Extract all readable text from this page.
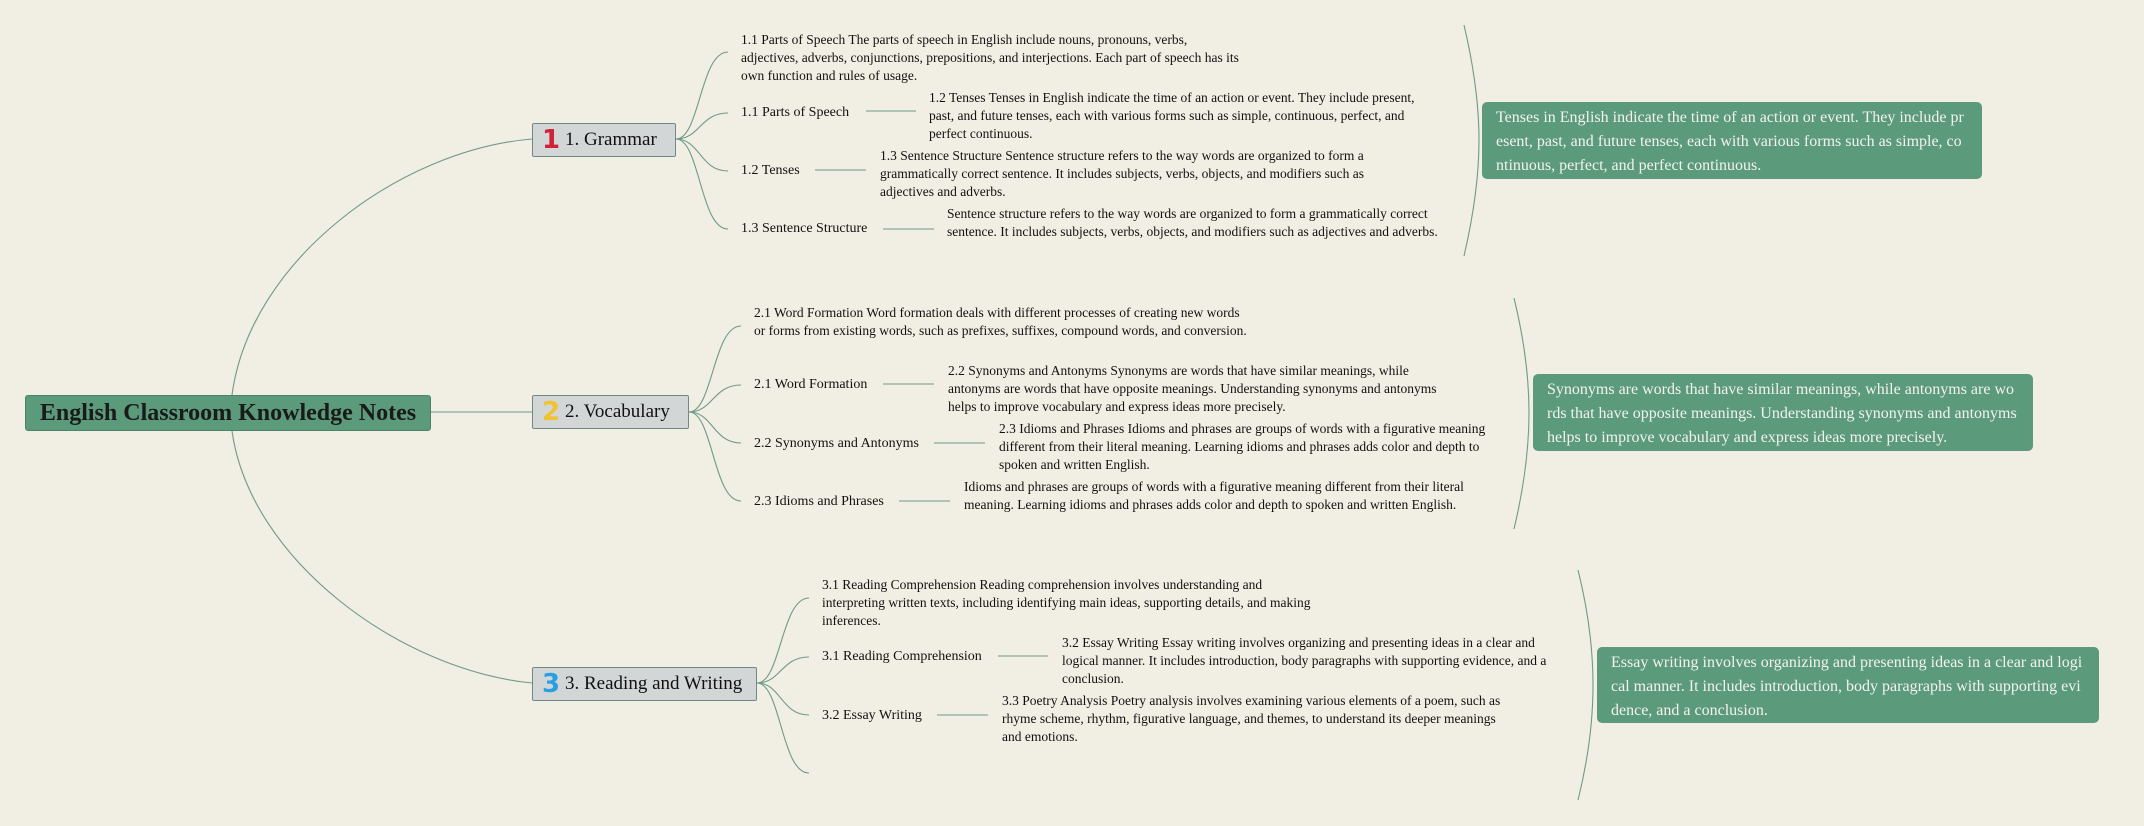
English Classroom Knowledge Notes
1 1. Grammar

1.1 Parts of Speech The parts of speech in English include nouns, pronouns, verbs, adjectives, adverbs, conjunctions, prepositions, and interjections. Each part of speech has its own function and rules of usage.

1.1 Parts of Speech

1.2 Tenses Tenses in English indicate the time of an action or event. They include present, past, and future tenses, each with various forms such as simple, continuous, perfect, and perfect continuous.

1.2 Tenses

1.3 Sentence Structure Sentence structure refers to the way words are organized to form a grammatically correct sentence. It includes subjects, verbs, objects, and modifiers such as adjectives and adverbs.

1.3 Sentence Structure

Sentence structure refers to the way words are organized to form a grammatically correct sentence. It includes subjects, verbs, objects, and modifiers such as adjectives and adverbs.

Tenses in English indicate the time of an action or event. They include present, past, and future tenses, each with various forms such as simple, continuous, perfect, and perfect continuous.
2 2. Vocabulary

2.1 Word Formation Word formation deals with different processes of creating new words or forms from existing words, such as prefixes, suffixes, compound words, and conversion.

2.1 Word Formation

2.2 Synonyms and Antonyms Synonyms are words that have similar meanings, while antonyms are words that have opposite meanings. Understanding synonyms and antonyms helps to improve vocabulary and express ideas more precisely.

2.2 Synonyms and Antonyms

2.3 Idioms and Phrases Idioms and phrases are groups of words with a figurative meaning different from their literal meaning. Learning idioms and phrases adds color and depth to spoken and written English.

2.3 Idioms and Phrases

Idioms and phrases are groups of words with a figurative meaning different from their literal meaning. Learning idioms and phrases adds color and depth to spoken and written English.

Synonyms are words that have similar meanings, while antonyms are words that have opposite meanings. Understanding synonyms and antonyms helps to improve vocabulary and express ideas more precisely.
3 3. Reading and Writing

3.1 Reading Comprehension Reading comprehension involves understanding and interpreting written texts, including identifying main ideas, supporting details, and making inferences.

3.1 Reading Comprehension

3.2 Essay Writing Essay writing involves organizing and presenting ideas in a clear and logical manner. It includes introduction, body paragraphs with supporting evidence, and a conclusion.

3.2 Essay Writing

3.3 Poetry Analysis Poetry analysis involves examining various elements of a poem, such as rhyme scheme, rhythm, figurative language, and themes, to understand its deeper meanings and emotions.

Essay writing involves organizing and presenting ideas in a clear and logical manner. It includes introduction, body paragraphs with supporting evidence, and a conclusion.
